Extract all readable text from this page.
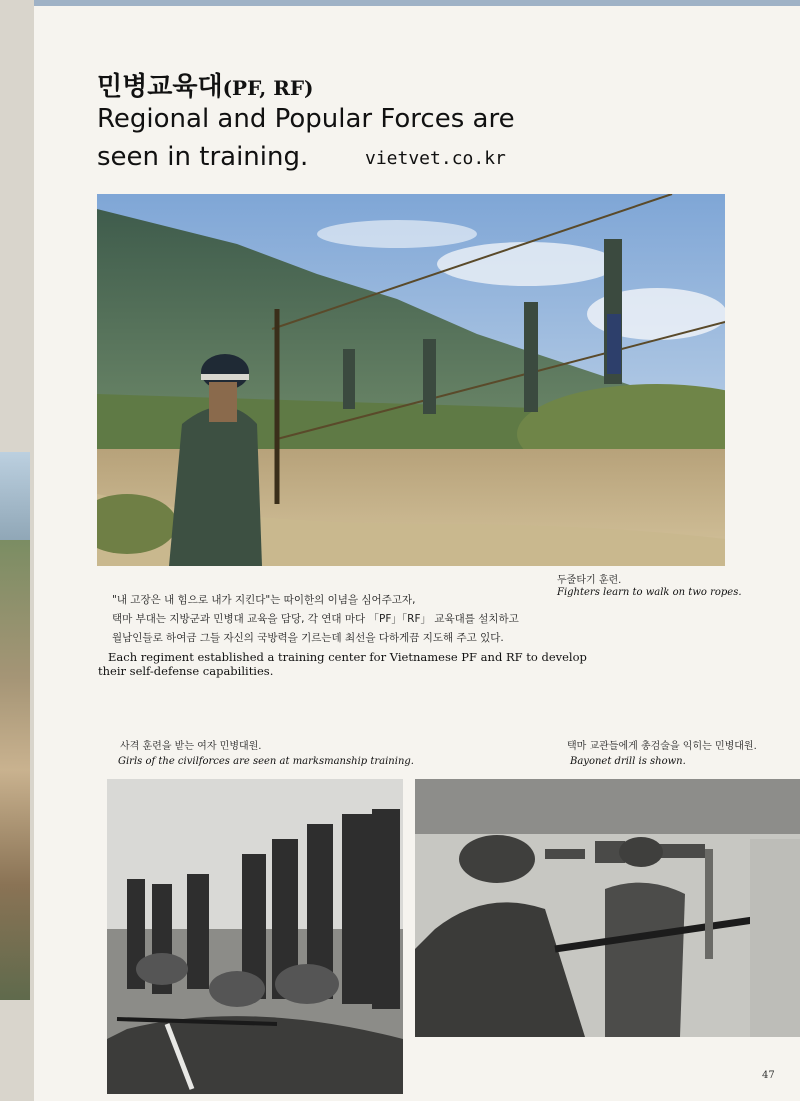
민병교육대(PF, RF)
Regional and Popular Forces are seen in training.	vietvet.co.kr
두줄타기 훈련.
Fighters learn to walk on two ropes.
"내 고장은 내 힘으로 내가 지킨다"는 따이한의 이념을 심어주고자,
택마 부대는 지방군과 민병대 교육을 담당, 각 연대 마다 「PF」「RF」 교육대를 설치하고
월남인들로 하여금 그들 자신의 국방력을 기르는데 최선을 다하게끔 지도해 주고 있다.
Each regiment established a training center for Vietnamese PF and RF to develop their self-defense capabilities.
사격 훈련을 받는 여자 민병대원.
Girls of the civilforces are seen at marksmanship training.
택마 교관들에게 총검술을 익히는 민병대원.
Bayonet drill is shown.
47
